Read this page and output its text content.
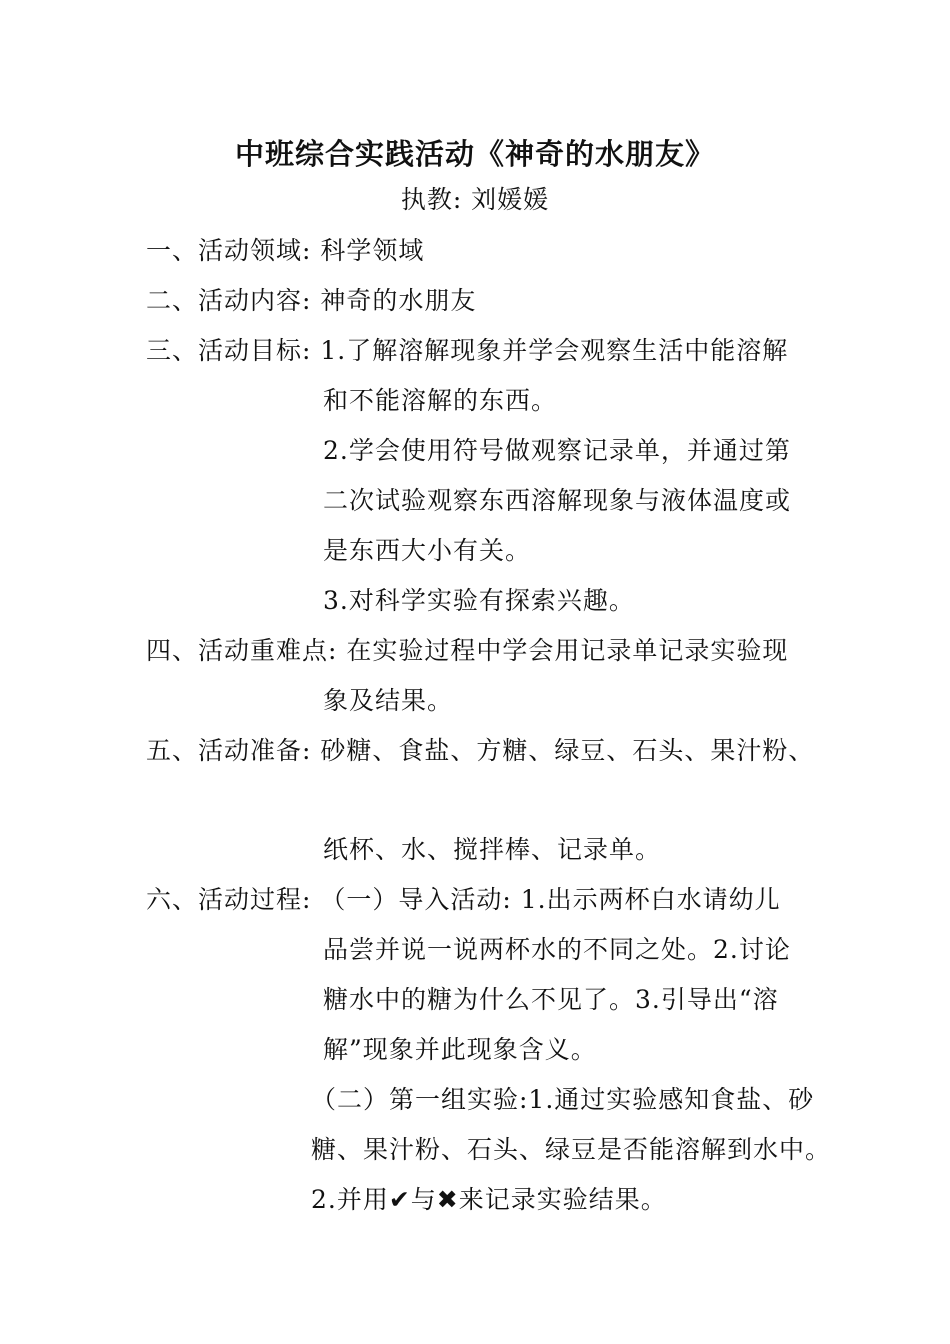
中班综合实践活动《神奇的水朋友》
执教: 刘媛媛
一、活动领域: 科学领域
二、活动内容: 神奇的水朋友
三、活动目标: 1.了解溶解现象并学会观察生活中能溶解
和不能溶解的东西。
2.学会使用符号做观察记录单，并通过第
二次试验观察东西溶解现象与液体温度或
是东西大小有关。
3.对科学实验有探索兴趣。
四、活动重难点: 在实验过程中学会用记录单记录实验现
象及结果。
五、活动准备: 砂糖、食盐、方糖、绿豆、石头、果汁粉、
纸杯、水、搅拌棒、记录单。
六、活动过程: （一）导入活动: 1.出示两杯白水请幼儿
品尝并说一说两杯水的不同之处。2.讨论
糖水中的糖为什么不见了。3.引导出“溶
解”现象并此现象含义。
（二）第一组实验:1.通过实验感知食盐、砂
糖、果汁粉、石头、绿豆是否能溶解到水中。
2.并用✔与✖来记录实验结果。
